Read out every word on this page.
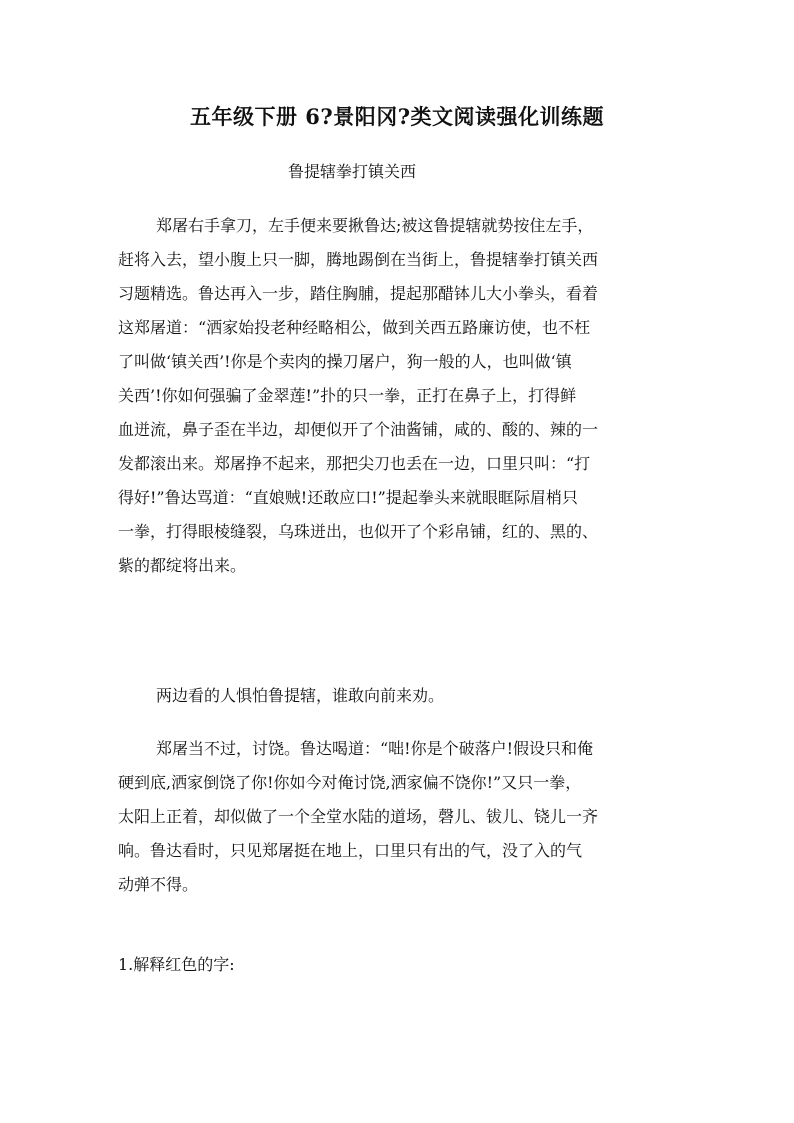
五年级下册 6?景阳冈?类文阅读强化训练题
鲁提辖拳打镇关西
郑屠右手拿刀，左手便来要揪鲁达;被这鲁提辖就势按住左手，
赶将入去，望小腹上只一脚，腾地踢倒在当街上，鲁提辖拳打镇关西
习题精选。鲁达再入一步，踏住胸脯，提起那醋钵儿大小拳头，看着
这郑屠道：“洒家始投老种经略相公，做到关西五路廉访使，也不枉
了叫做‘镇关西’!你是个卖肉的操刀屠户，狗一般的人，也叫做‘镇
关西’!你如何强骗了金翠莲!”扑的只一拳，正打在鼻子上，打得鲜
血迸流，鼻子歪在半边，却便似开了个油酱铺，咸的、酸的、辣的一
发都滚出来。郑屠挣不起来，那把尖刀也丢在一边，口里只叫：“打
得好!”鲁达骂道：“直娘贼!还敢应口!”提起拳头来就眼眶际眉梢只
一拳，打得眼棱缝裂，乌珠迸出，也似开了个彩帛铺，红的、黑的、
紫的都绽将出来。
两边看的人惧怕鲁提辖，谁敢向前来劝。
郑屠当不过，讨饶。鲁达喝道：“咄!你是个破落户!假设只和俺
硬到底,洒家倒饶了你!你如今对俺讨饶,洒家偏不饶你!”又只一拳，
太阳上正着，却似做了一个全堂水陆的道场，磬儿、钹儿、铙儿一齐
响。鲁达看时，只见郑屠挺在地上，口里只有出的气，没了入的气
动弹不得。
1.解释红色的字:
